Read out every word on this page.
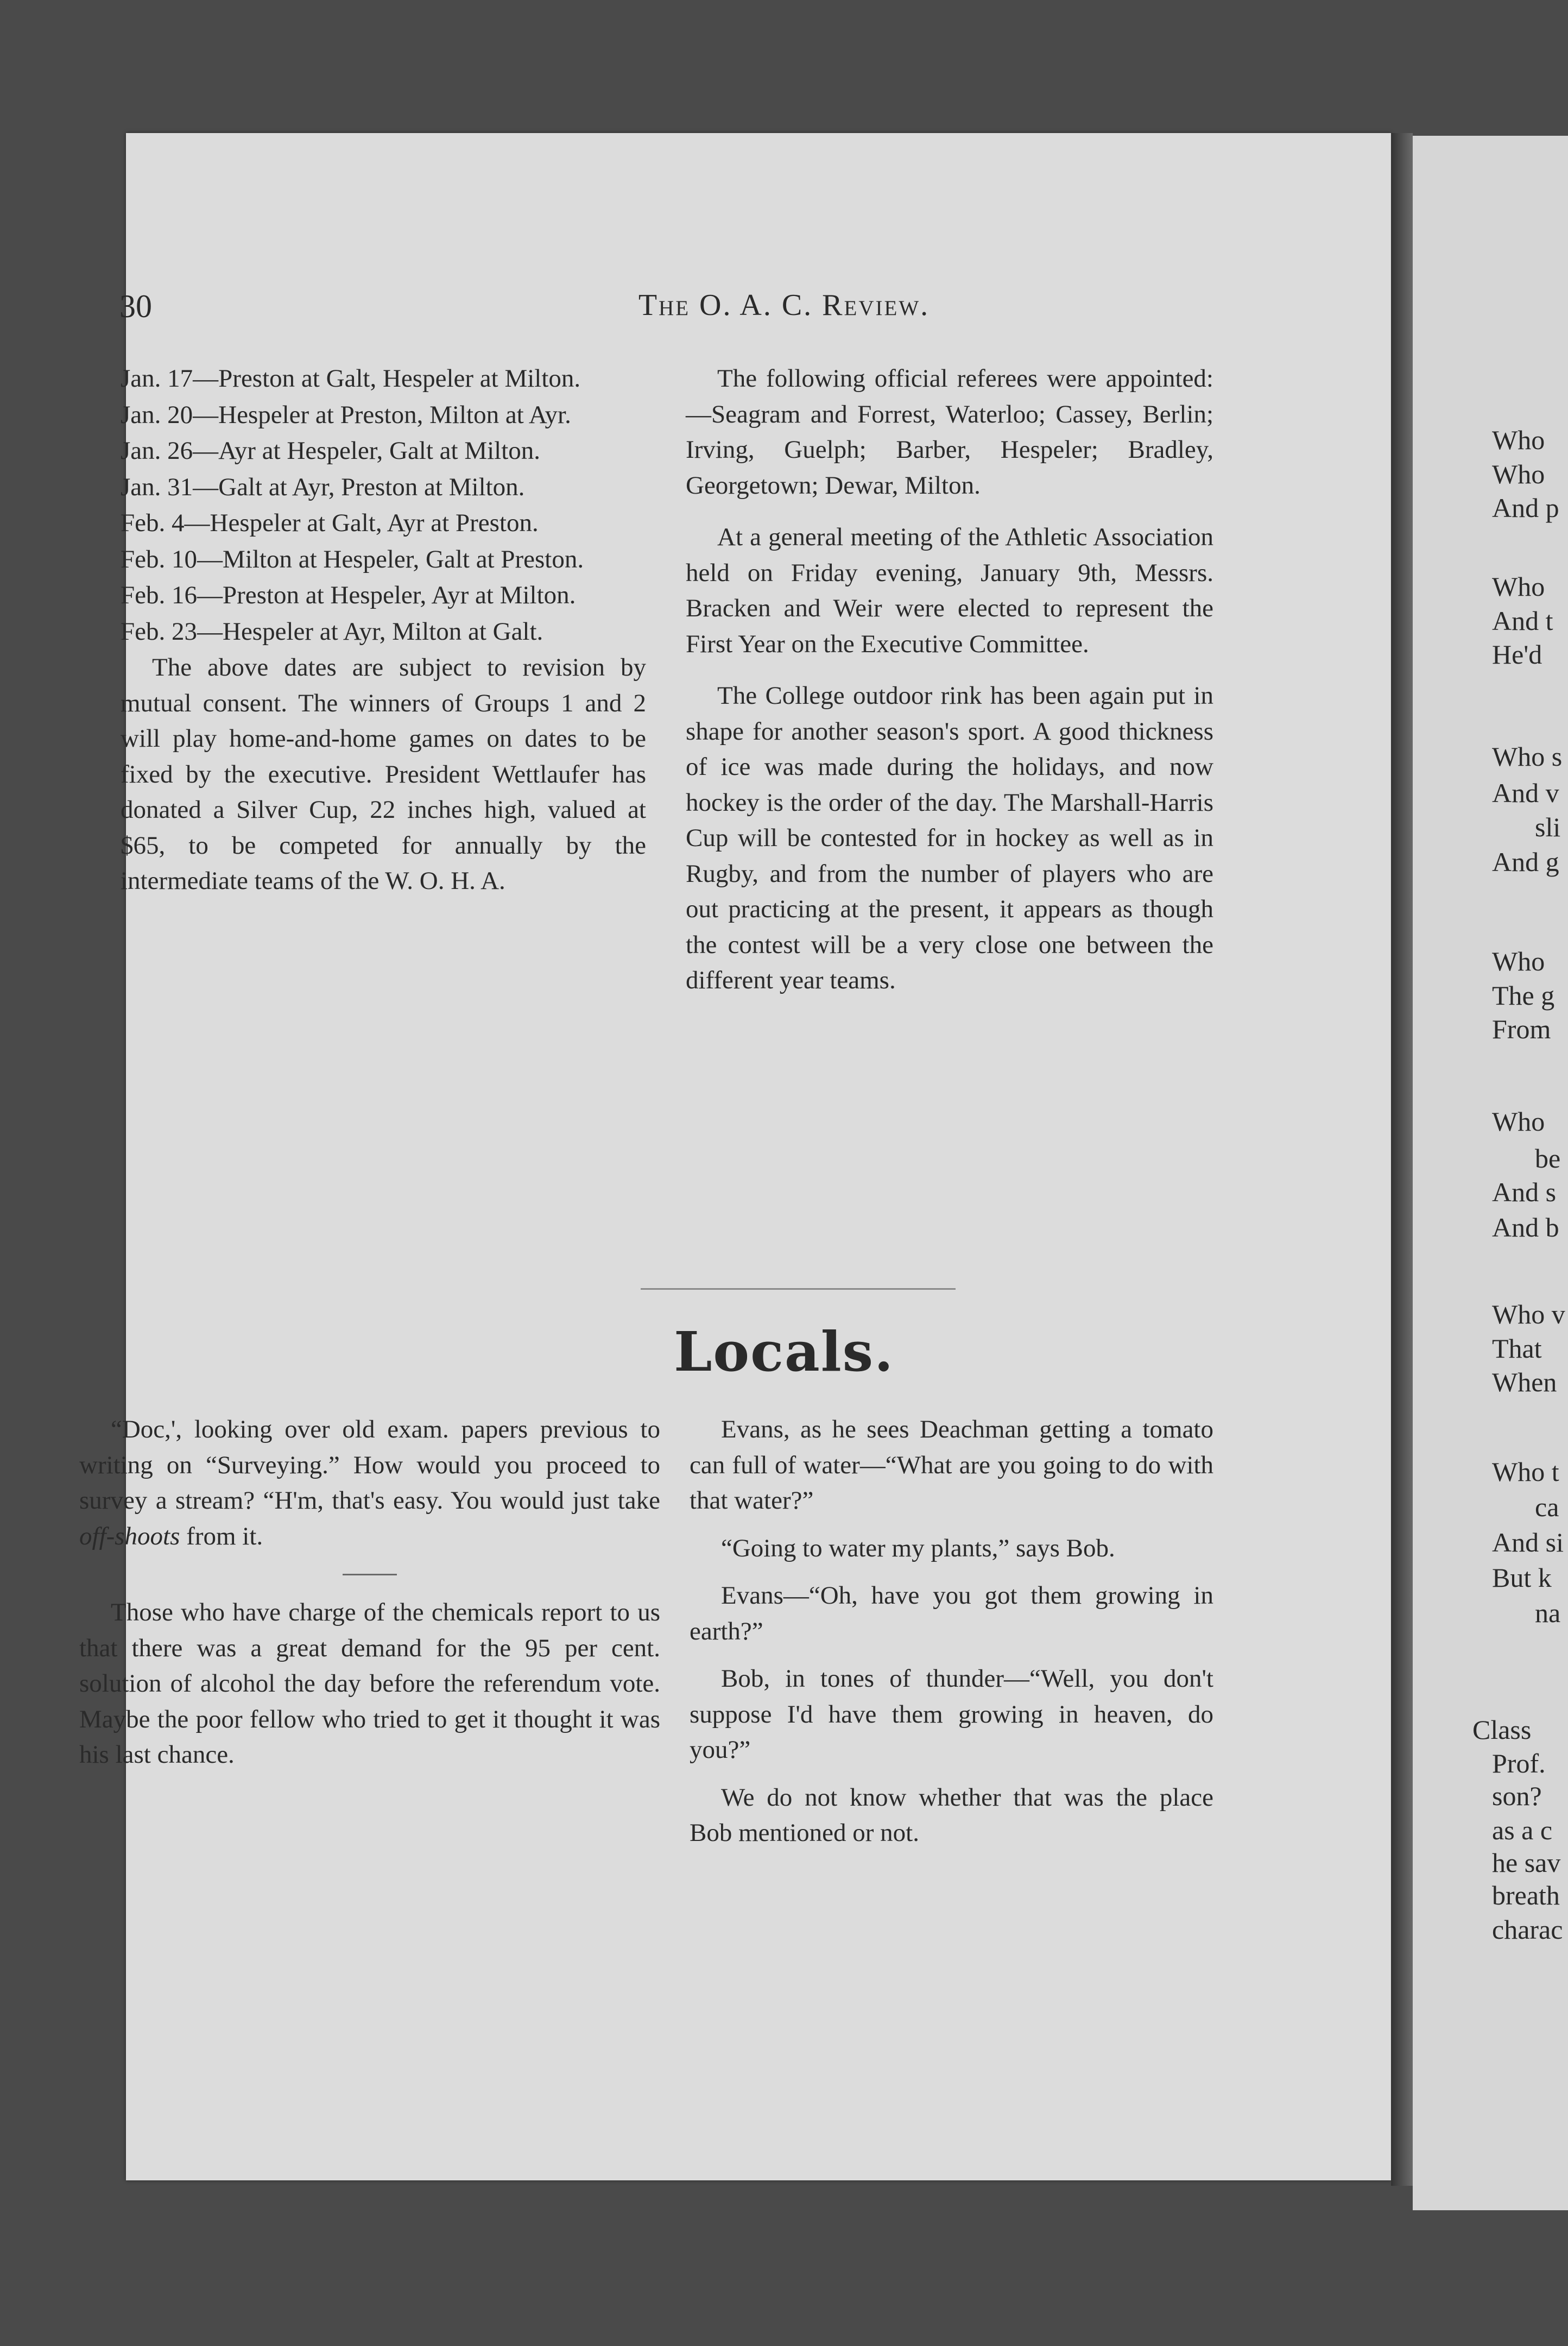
Who
Who
And p
Who
And t
He'd
Who s
And v
sli
And g
Who
The g
From
Who
be
And s
And b
Who v
That
When
Who t
ca
And si
But k
na
Class
Prof.
son?
as a c
he sav
breath
charac
30	The O. A. C. Review.
Jan. 17—Preston at Galt, Hespeler at Milton.
Jan. 20—Hespeler at Preston, Milton at Ayr.
Jan. 26—Ayr at Hespeler, Galt at Milton.
Jan. 31—Galt at Ayr, Preston at Milton.
Feb. 4—Hespeler at Galt, Ayr at Preston.
Feb. 10—Milton at Hespeler, Galt at Preston.
Feb. 16—Preston at Hespeler, Ayr at Milton.
Feb. 23—Hespeler at Ayr, Milton at Galt.

The above dates are subject to revision by mutual consent. The winners of Groups 1 and 2 will play home-and-home games on dates to be fixed by the executive. President Wettlaufer has donated a Silver Cup, 22 inches high, valued at $65, to be competed for annually by the intermediate teams of the W. O. H. A.

The following official referees were appointed:—Seagram and Forrest, Waterloo; Cassey, Berlin; Irving, Guelph; Barber, Hespeler; Bradley, Georgetown; Dewar, Milton.

At a general meeting of the Athletic Association held on Friday evening, January 9th, Messrs. Bracken and Weir were elected to represent the First Year on the Executive Committee.

The College outdoor rink has been again put in shape for another season's sport. A good thickness of ice was made during the holidays, and now hockey is the order of the day. The Marshall-Harris Cup will be contested for in hockey as well as in Rugby, and from the number of players who are out practicing at the present, it appears as though the contest will be a very close one between the different year teams.

Locals.

“Doc,', looking over old exam. papers previous to writing on “Surveying.” How would you proceed to survey a stream? “H'm, that's easy. You would just take off-shoots from it.

Those who have charge of the chemicals report to us that there was a great demand for the 95 per cent. solution of alcohol the day before the referendum vote. Maybe the poor fellow who tried to get it thought it was his last chance.

Evans, as he sees Deachman getting a tomato can full of water—“What are you going to do with that water?”

“Going to water my plants,” says Bob.

Evans—“Oh, have you got them growing in earth?”

Bob, in tones of thunder—“Well, you don't suppose I'd have them growing in heaven, do you?”

We do not know whether that was the place Bob mentioned or not.
